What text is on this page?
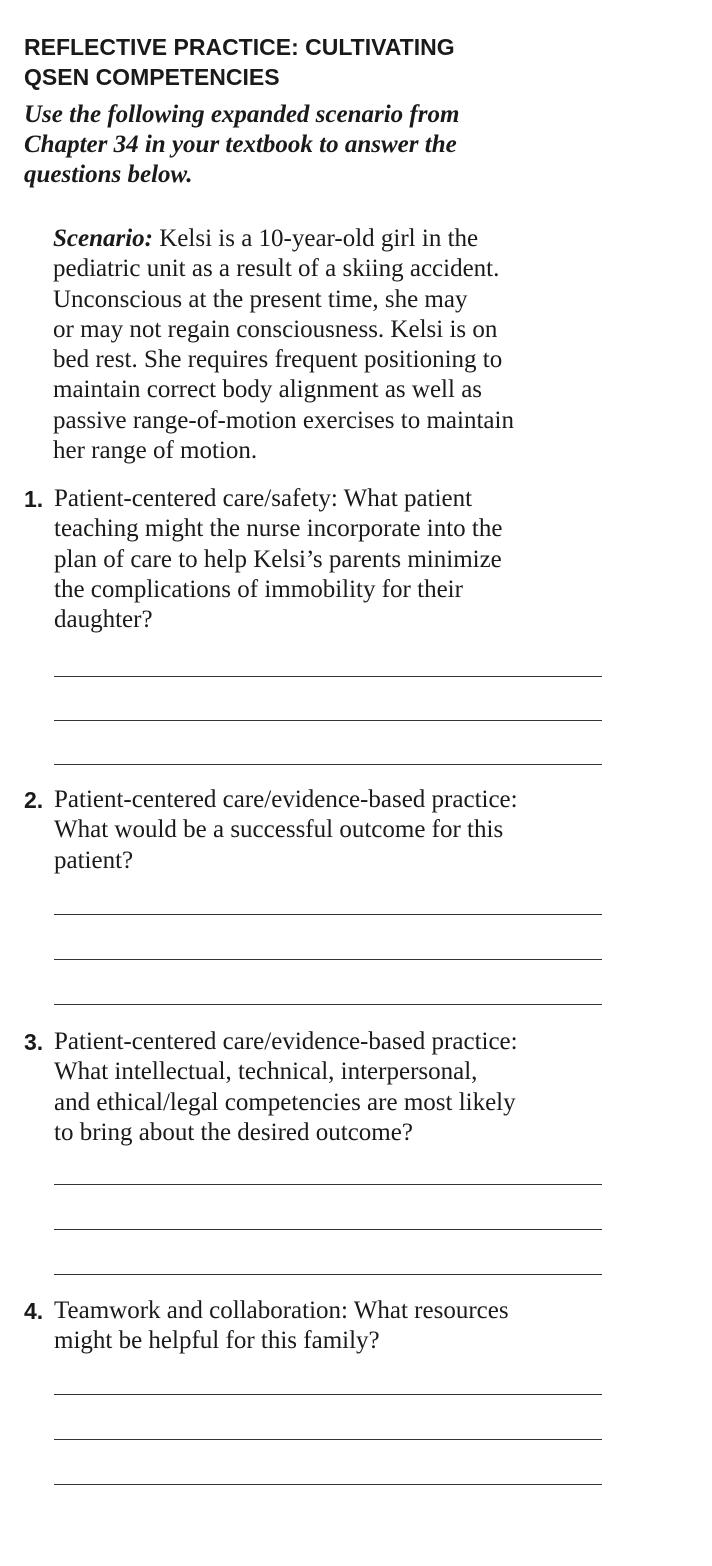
REFLECTIVE PRACTICE: CULTIVATING
QSEN COMPETENCIES
Use the following expanded scenario from
Chapter 34 in your textbook to answer the
questions below.
Scenario: Kelsi is a 10-year-old girl in the
pediatric unit as a result of a skiing accident.
Unconscious at the present time, she may
or may not regain consciousness. Kelsi is on
bed rest. She requires frequent positioning to
maintain correct body alignment as well as
passive range-of-motion exercises to maintain
her range of motion.
1. Patient-centered care/safety: What patient
teaching might the nurse incorporate into the
plan of care to help Kelsi’s parents minimize
the complications of immobility for their
daughter?
2. Patient-centered care/evidence-based practice:
What would be a successful outcome for this
patient?
3. Patient-centered care/evidence-based practice:
What intellectual, technical, interpersonal,
and ethical/legal competencies are most likely
to bring about the desired outcome?
4. Teamwork and collaboration: What resources
might be helpful for this family?
